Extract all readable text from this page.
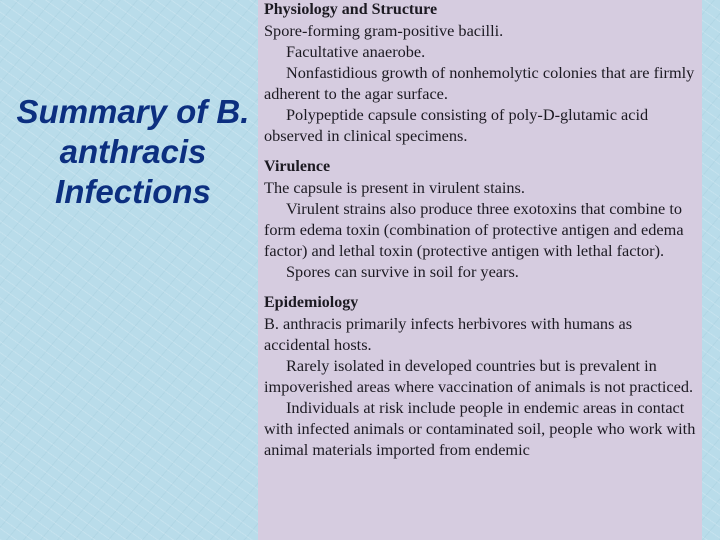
Summary of B.
anthracis
Infections
Physiology and Structure

Spore-forming gram-positive bacilli.

Facultative anaerobe.

Nonfastidious growth of nonhemolytic colonies that are firmly adherent to the agar surface.

Polypeptide capsule consisting of poly-D-glutamic acid observed in clinical specimens.

Virulence

The capsule is present in virulent stains.

Virulent strains also produce three exotoxins that combine to form edema toxin (combination of protective antigen and edema factor) and lethal toxin (protective antigen with lethal factor).

Spores can survive in soil for years.

Epidemiology

B. anthracis primarily infects herbivores with humans as accidental hosts.

Rarely isolated in developed countries but is prevalent in impoverished areas where vaccination of animals is not practiced.

Individuals at risk include people in endemic areas in contact with infected animals or contaminated soil, people who work with animal materials imported from endemic
